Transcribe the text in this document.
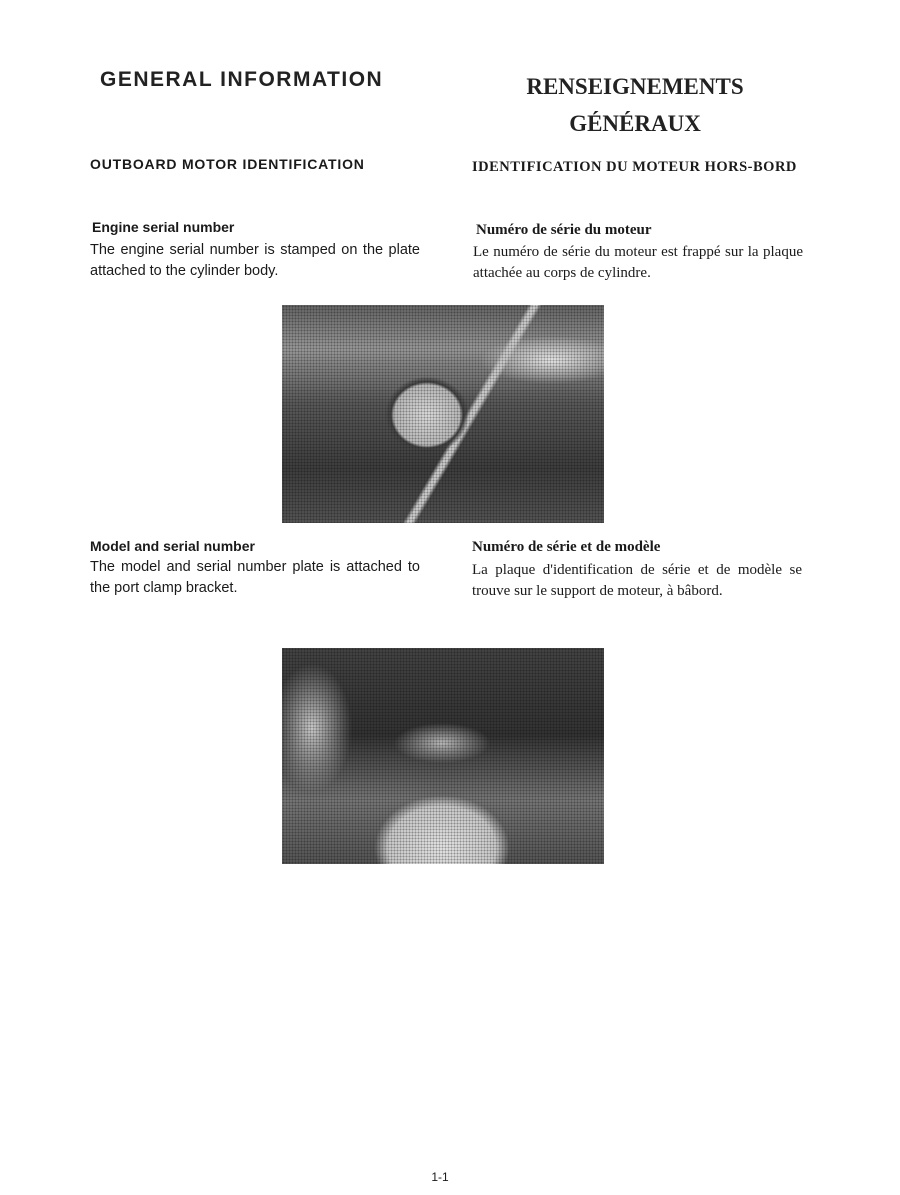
GENERAL INFORMATION	RENSEIGNEMENTS
GÉNÉRAUX
OUTBOARD MOTOR IDENTIFICATION	IDENTIFICATION DU MOTEUR HORS-BORD
Engine serial number
The engine serial number is stamped on the plate attached to the cylinder body.
Numéro de série du moteur
Le numéro de série du moteur est frappé sur la plaque attachée au corps de cylindre.
Model and serial number
The model and serial number plate is attached to the port clamp bracket.
Numéro de série et de modèle
La plaque d'identification de série et de modèle se trouve sur le support de moteur, à bâbord.
1-1
